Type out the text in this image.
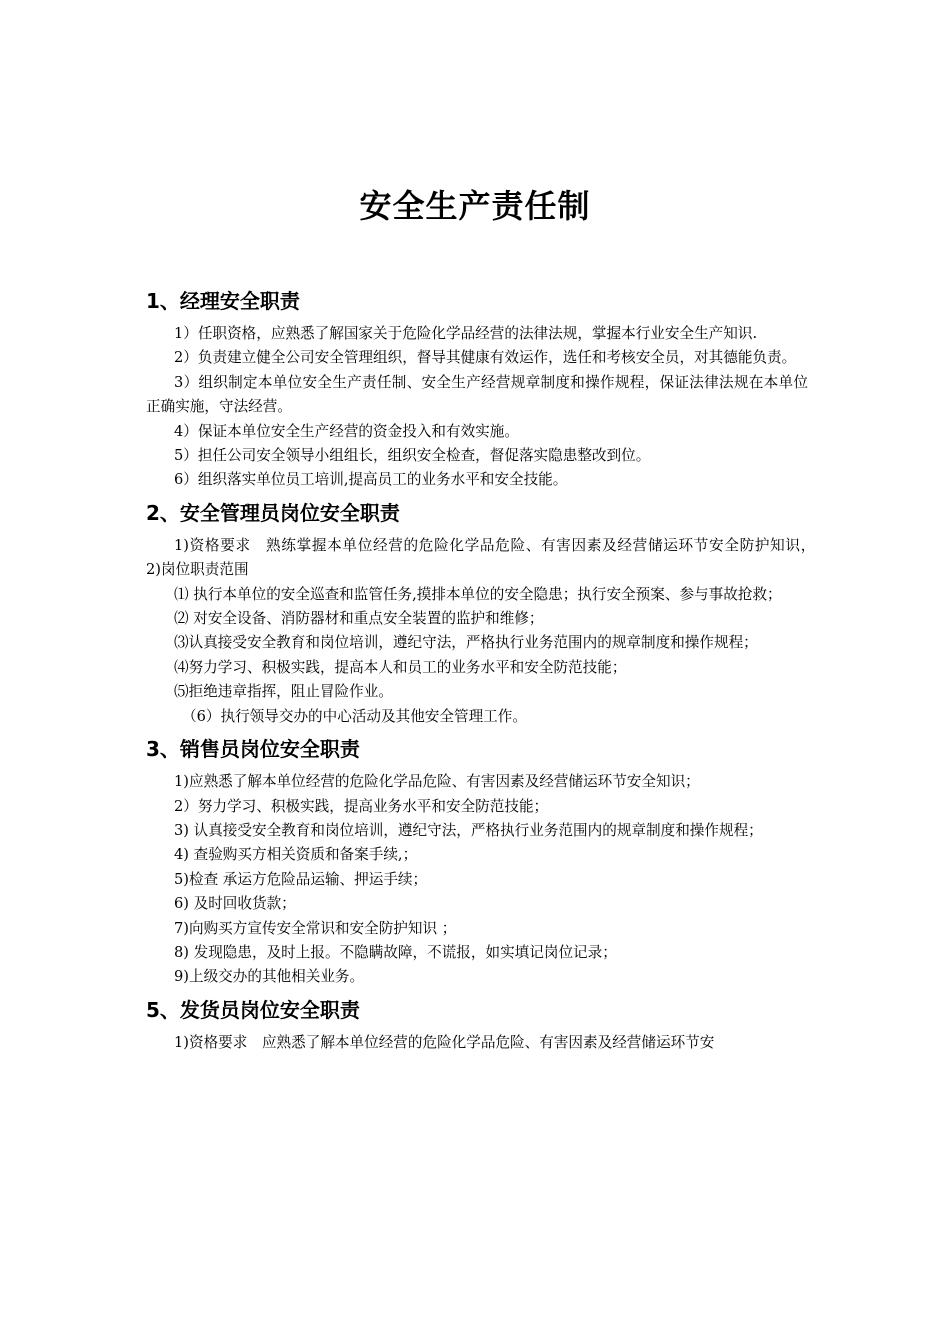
安全生产责任制
1、经理安全职责

1）任职资格，应熟悉了解国家关于危险化学品经营的法律法规，掌握本行业安全生产知识.

2）负责建立健全公司安全管理组织，督导其健康有效运作，选任和考核安全员，对其德能负责。

3）组织制定本单位安全生产责任制、安全生产经营规章制度和操作规程，保证法律法规在本单位正确实施，守法经营。

4）保证本单位安全生产经营的资金投入和有效实施。

5）担任公司安全领导小组组长，组织安全检查，督促落实隐患整改到位。

6）组织落实单位员工培训,提高员工的业务水平和安全技能。

2、安全管理员岗位安全职责

1)资格要求　熟练掌握本单位经营的危险化学品危险、有害因素及经营储运环节安全防护知识，　2)岗位职责范围

⑴ 执行本单位的安全巡查和监管任务,摸排本单位的安全隐患；执行安全预案、参与事故抢救；

⑵ 对安全设备、消防器材和重点安全装置的监护和维修；

⑶认真接受安全教育和岗位培训，遵纪守法，严格执行业务范围内的规章制度和操作规程；

⑷努力学习、积极实践，提高本人和员工的业务水平和安全防范技能；

⑸拒绝违章指挥，阻止冒险作业。

（6）执行领导交办的中心活动及其他安全管理工作。

3、销售员岗位安全职责

1)应熟悉了解本单位经营的危险化学品危险、有害因素及经营储运环节安全知识；

2）努力学习、积极实践，提高业务水平和安全防范技能；

3) 认真接受安全教育和岗位培训，遵纪守法，严格执行业务范围内的规章制度和操作规程；

4) 查验购买方相关资质和备案手续,；

5)检查 承运方危险品运输、押运手续；

6) 及时回收货款；

7)向购买方宣传安全常识和安全防护知识 ；

8) 发现隐患，及时上报。不隐瞒故障，不谎报，如实填记岗位记录；

9)上级交办的其他相关业务。

5、发货员岗位安全职责

1)资格要求　应熟悉了解本单位经营的危险化学品危险、有害因素及经营储运环节安
